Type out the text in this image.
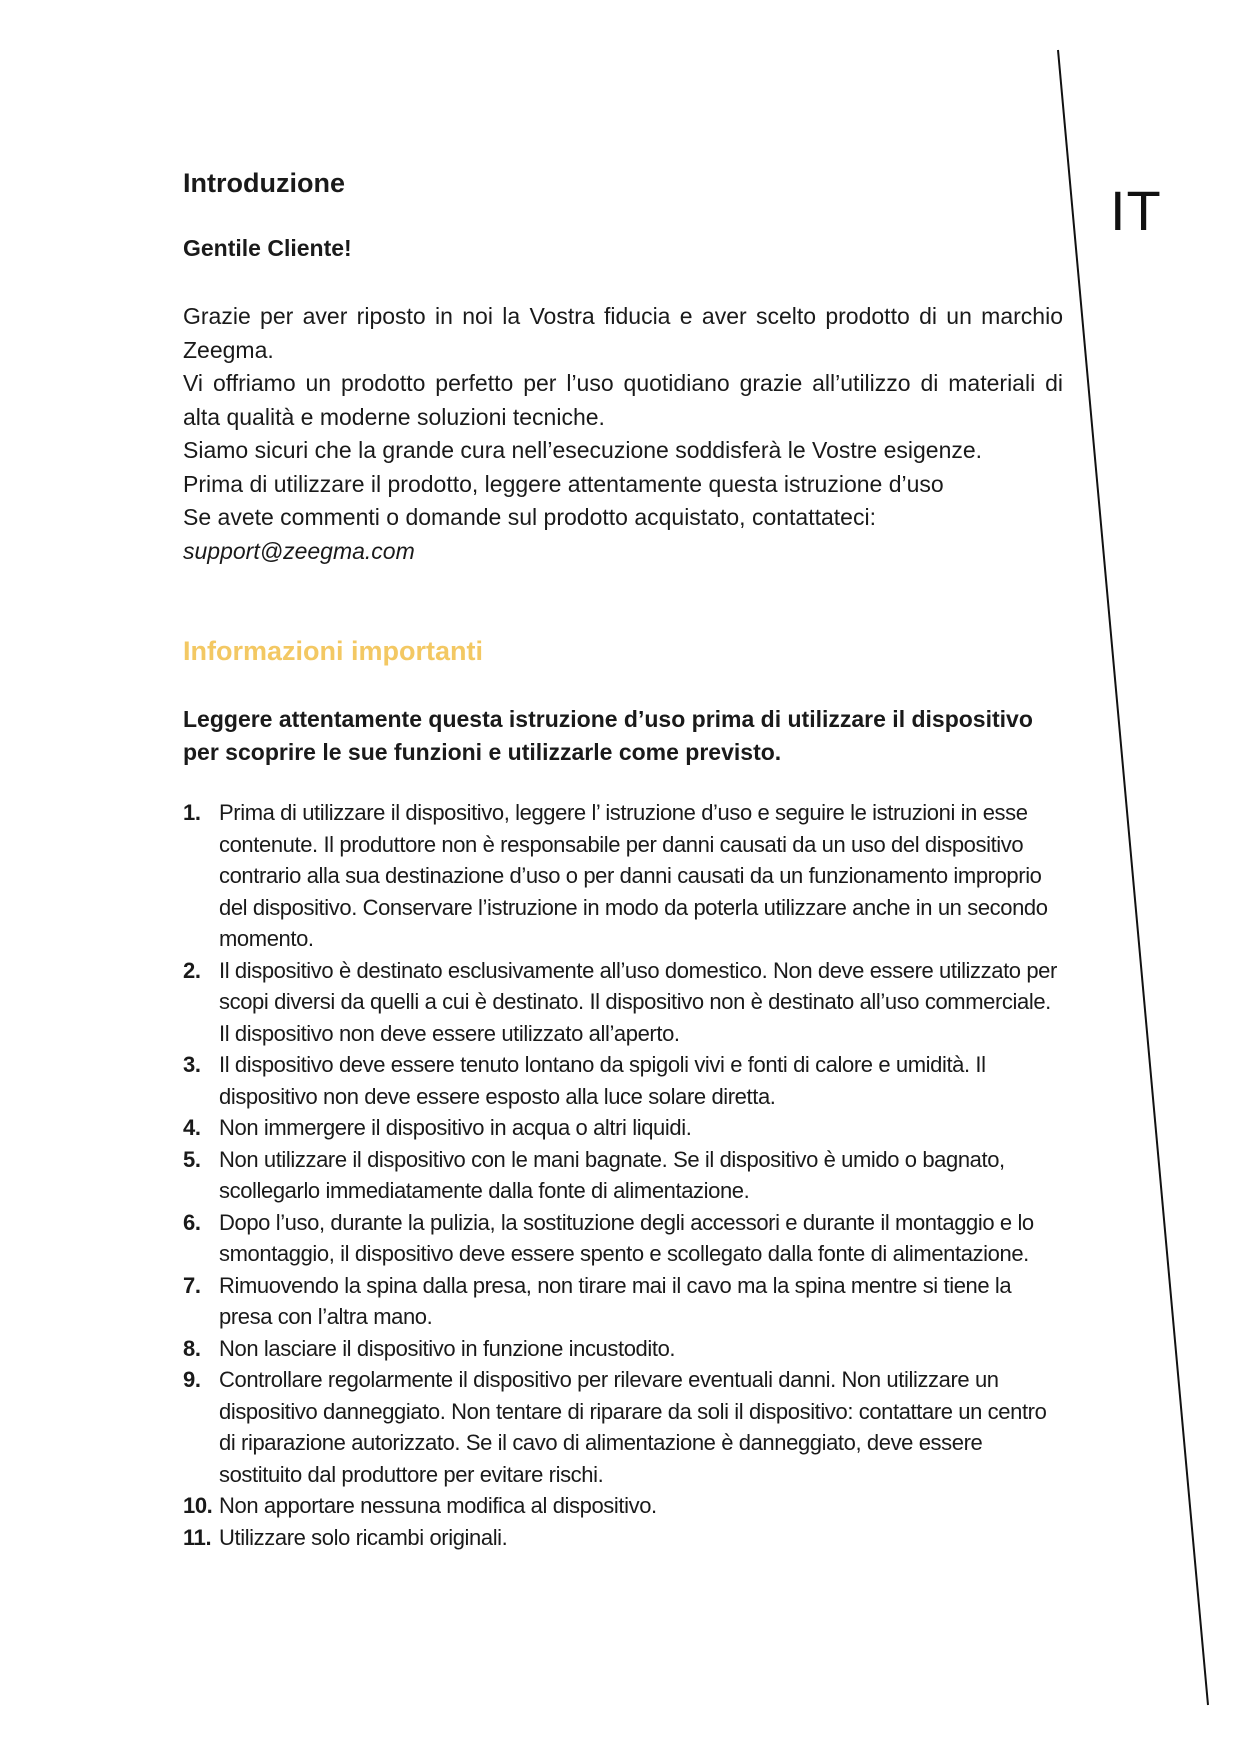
IT
Introduzione
Gentile Cliente!

Grazie per aver riposto in noi la Vostra fiducia e aver scelto prodotto di un marchio Zeegma.

Vi offriamo un prodotto perfetto per l’uso quotidiano grazie all’utilizzo di materiali di alta qualità e moderne soluzioni tecniche.

Siamo sicuri che la grande cura nell’esecuzione soddisferà le Vostre esigenze.

Prima di utilizzare il prodotto, leggere attentamente questa istruzione d’uso

Se avete commenti o domande sul prodotto acquistato, contattateci:

support@zeegma.com

Informazioni importanti

Leggere attentamente questa istruzione d’uso prima di utilizzare il dispositivo per scoprire le sue funzioni e utilizzarle come previsto.

1. Prima di utilizzare il dispositivo, leggere l’ istruzione d’uso e seguire le istruzioni in esse contenute. Il produttore non è responsabile per danni causati da un uso del dispositivo contrario alla sua destinazione d’uso o per danni causati da un funzionamento improprio del dispositivo. Conservare l’istruzione in modo da poterla utilizzare anche in un secondo momento.
2. Il dispositivo è destinato esclusivamente all’uso domestico. Non deve essere utilizzato per scopi diversi da quelli a cui è destinato. Il dispositivo non è destinato all’uso commerciale. Il dispositivo non deve essere utilizzato all’aperto.
3. Il dispositivo deve essere tenuto lontano da spigoli vivi e fonti di calore e umidità. Il dispositivo non deve essere esposto alla luce solare diretta.
4. Non immergere il dispositivo in acqua o altri liquidi.
5. Non utilizzare il dispositivo con le mani bagnate. Se il dispositivo è umido o bagnato, scollegarlo immediatamente dalla fonte di alimentazione.
6. Dopo l’uso, durante la pulizia, la sostituzione degli accessori e durante il montaggio e lo smontaggio, il dispositivo deve essere spento e scollegato dalla fonte di alimentazione.
7. Rimuovendo la spina dalla presa, non tirare mai il cavo ma la spina mentre si tiene la presa con l’altra mano.
8. Non lasciare il dispositivo in funzione incustodito.
9. Controllare regolarmente il dispositivo per rilevare eventuali danni. Non utilizzare un dispositivo danneggiato. Non tentare di riparare da soli il dispositivo: contattare un centro di riparazione autorizzato. Se il cavo di alimentazione è danneggiato, deve essere sostituito dal produttore per evitare rischi.
10. Non apportare nessuna modifica al dispositivo.
11. Utilizzare solo ricambi originali.
